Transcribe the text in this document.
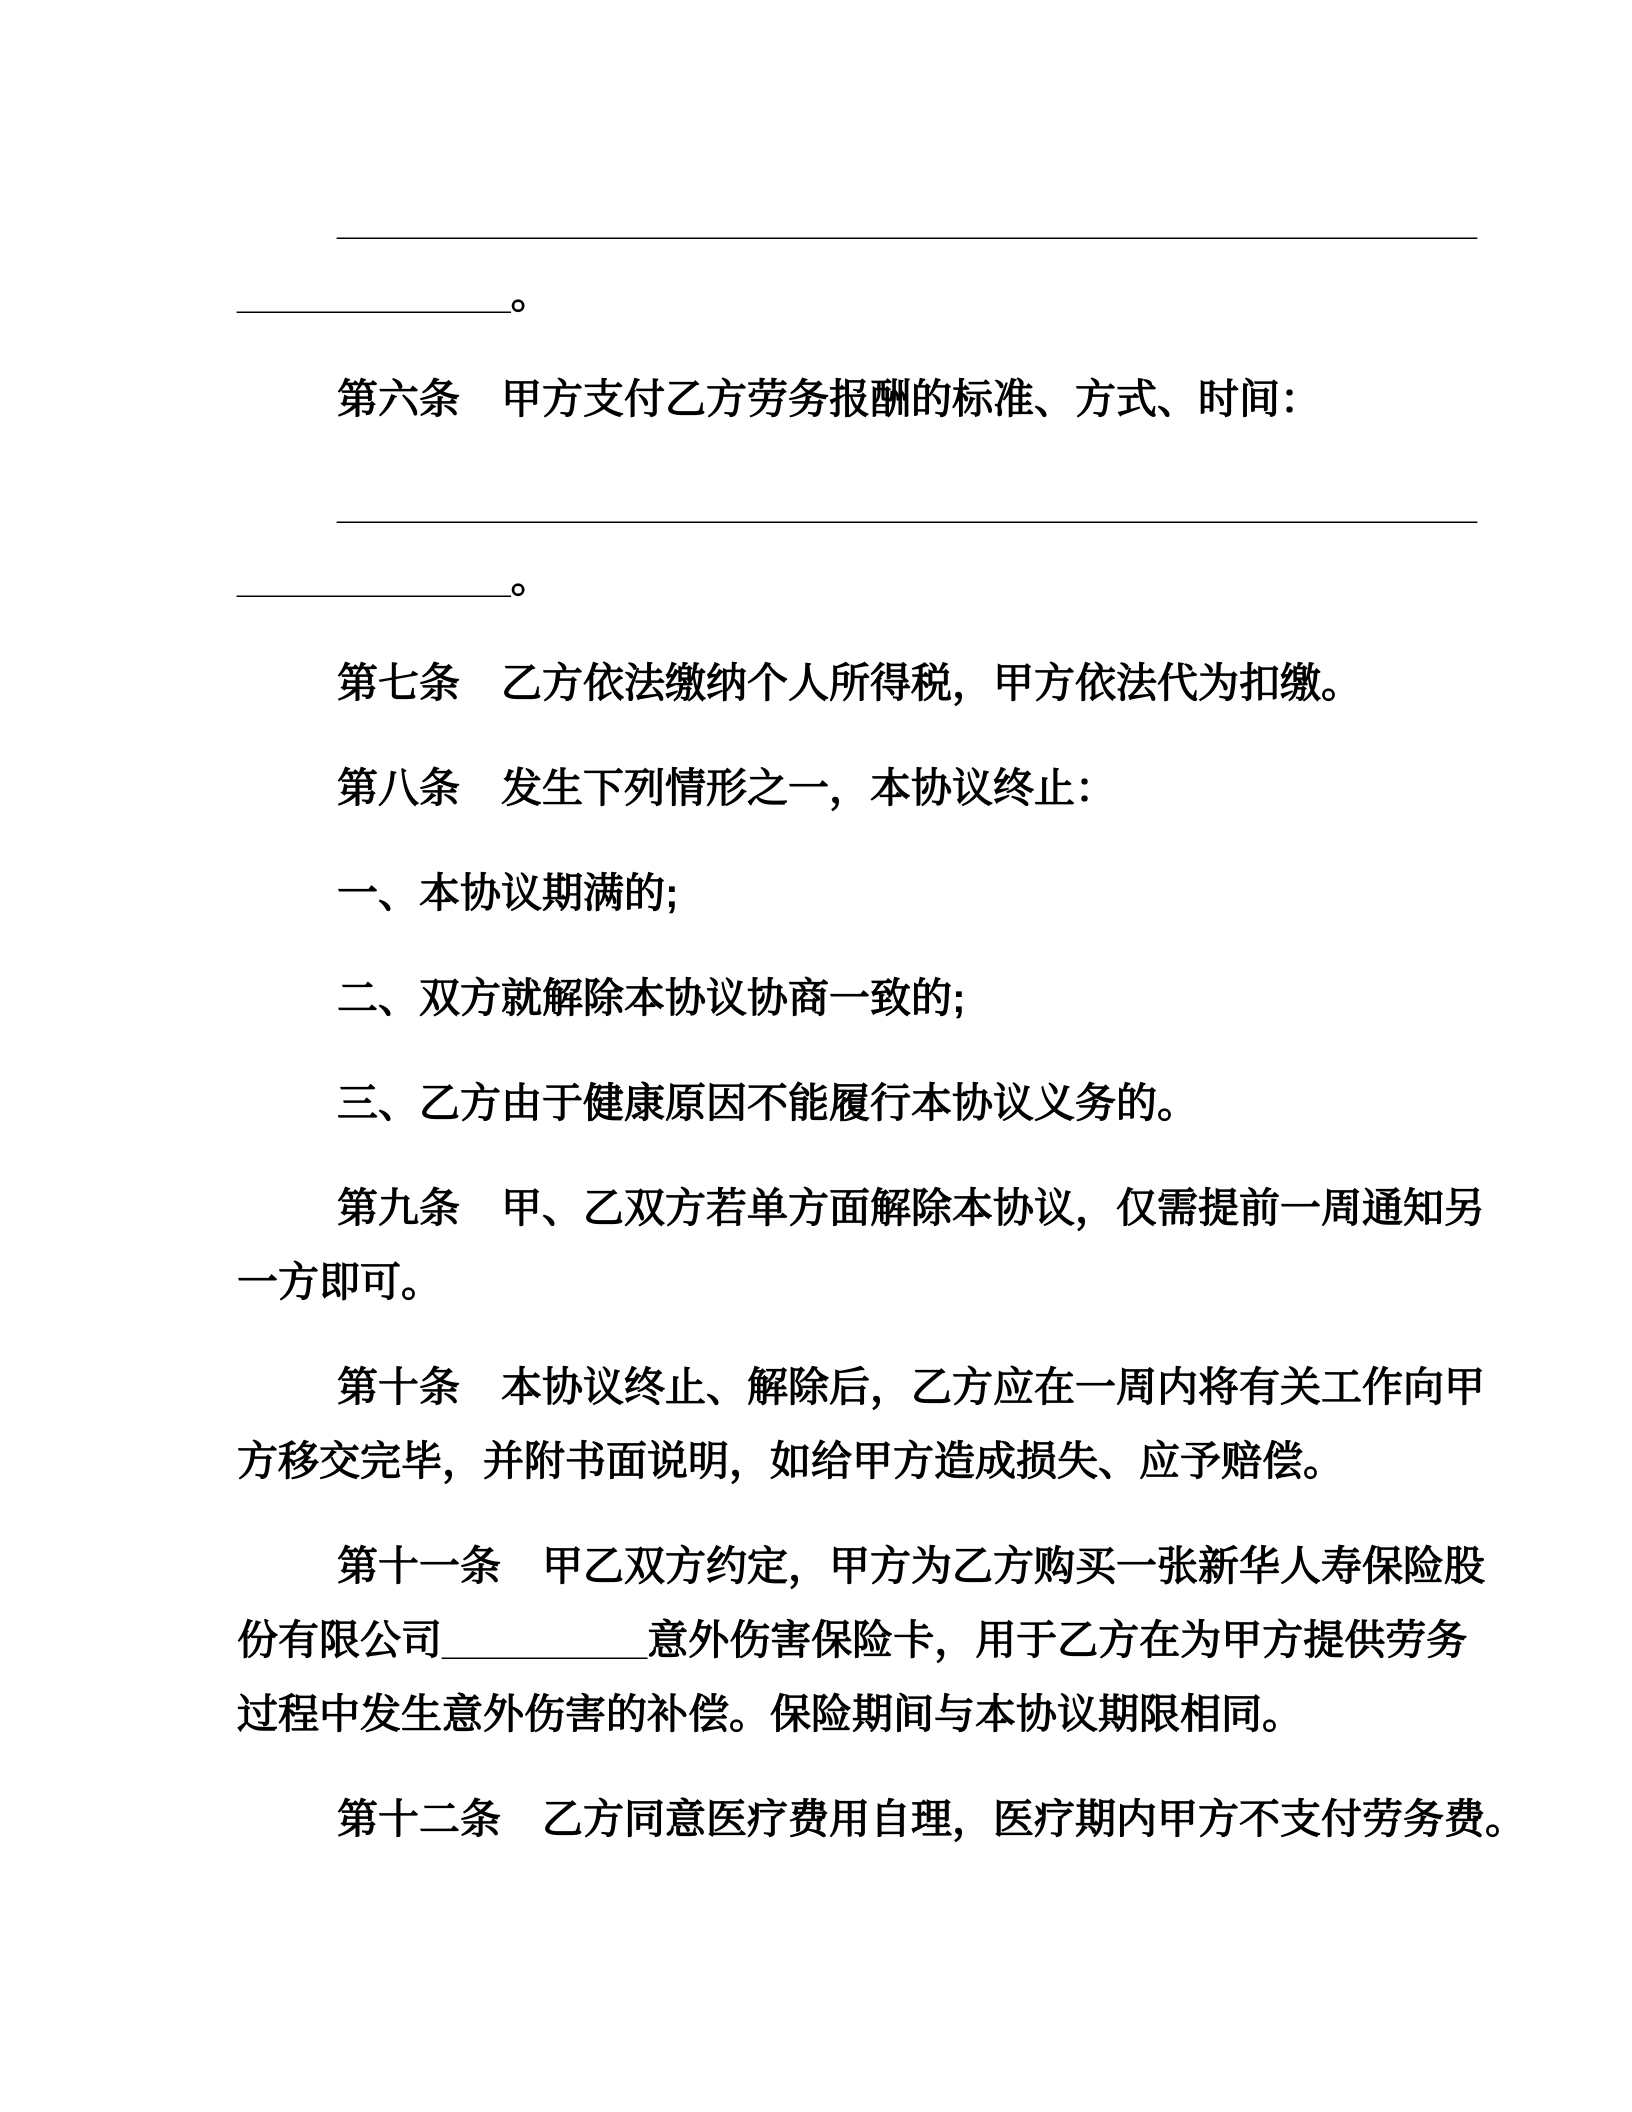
__________________________________________________
____________。
第六条　甲方支付乙方劳务报酬的标准、方式、时间：
__________________________________________________
____________。
第七条　乙方依法缴纳个人所得税，甲方依法代为扣缴。
第八条　发生下列情形之一，本协议终止：
一、本协议期满的;
二、双方就解除本协议协商一致的;
三、乙方由于健康原因不能履行本协议义务的。
第九条　甲、乙双方若单方面解除本协议，仅需提前一周通知另
一方即可。
第十条　本协议终止、解除后，乙方应在一周内将有关工作向甲
方移交完毕，并附书面说明，如给甲方造成损失、应予赔偿。
第十一条　甲乙双方约定，甲方为乙方购买一张新华人寿保险股
份有限公司_________意外伤害保险卡，用于乙方在为甲方提供劳务
过程中发生意外伤害的补偿。保险期间与本协议期限相同。
第十二条　乙方同意医疗费用自理，医疗期内甲方不支付劳务费。
